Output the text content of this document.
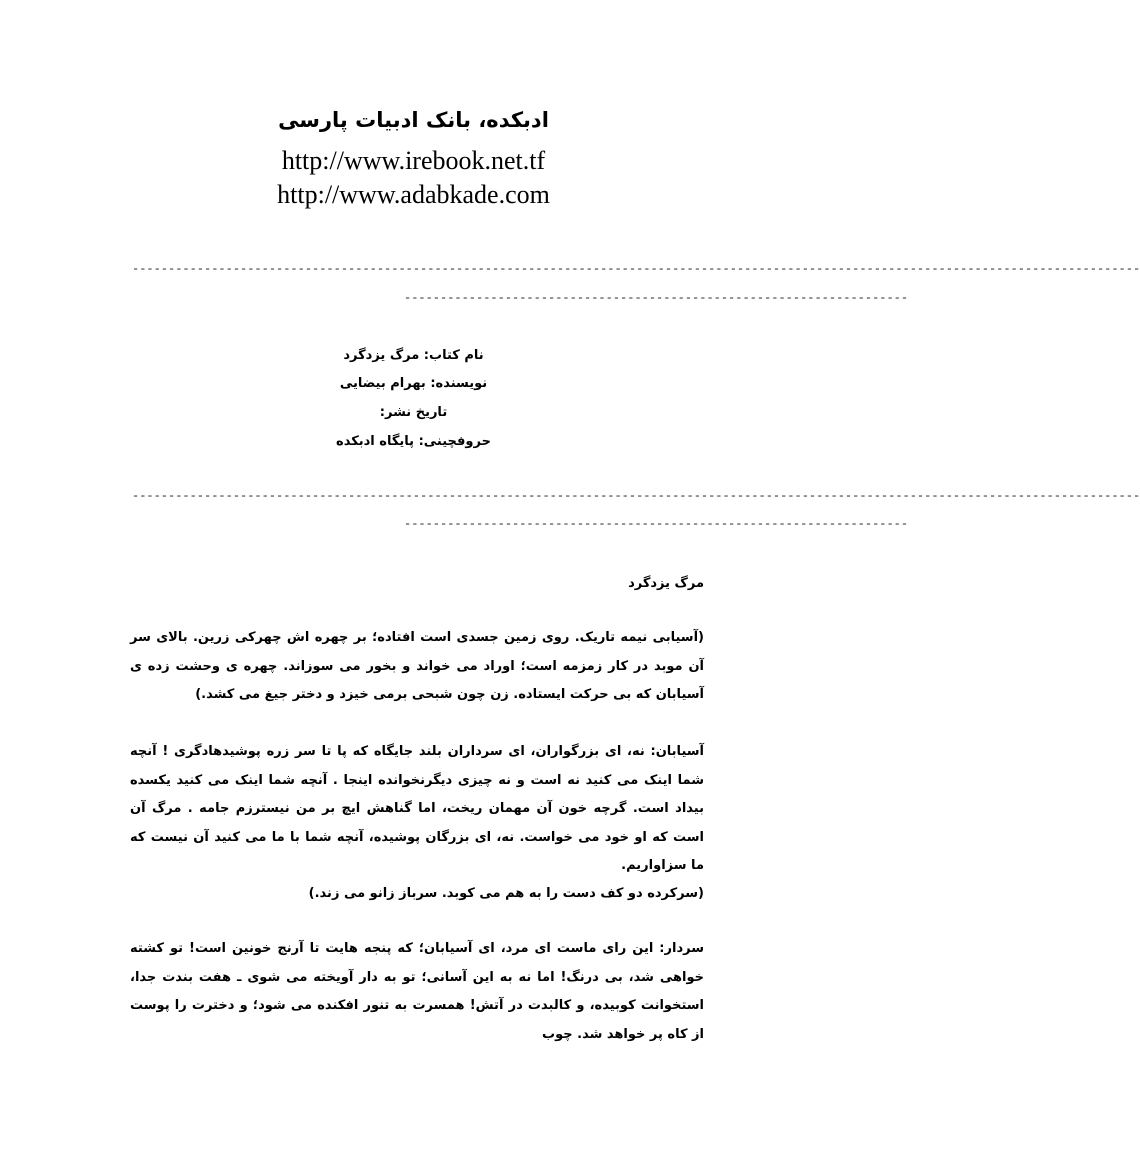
ادبکده، بانک ادبیات پارسی
http://www.irebook.net.tf
http://www.adabkade.com
--------------------------------------------------------------------------------------------------------------------------------------------
----------------------------------------------------------------------
نام کتاب: مرگ یزدگرد
نویسنده: بهرام بیضایی
تاریخ نشر:
حروفچینی: پایگاه ادبکده
--------------------------------------------------------------------------------------------------------------------------------------------
----------------------------------------------------------------------

مرگ یزدگرد

(آسیابی نیمه تاریک. روی زمین جسدی است افتاده؛ بر چهره اش چهرکی زرین. بالای سر آن موبد در کار زمزمه است؛ اوراد می خواند و بخور می سوزاند. چهره ی وحشت زده ی آسیابان که بی حرکت ایستاده. زن چون شبحی برمی خیزد و دختر جیغ می کشد.)

آسیابان: نه، ای بزرگواران، ای سرداران بلند جایگاه که پا تا سر زره پوشیدهادگری ! آنچه شما اینک می کنید نه است و نه چیزی دیگرنخوانده اینجا . آنچه شما اینک می کنید یکسده بیداد است. گرچه خون آن مهمان ریخت، اما گناهش ایچ بر من نیسترزم جامه . مرگ آن است که او خود می خواست. نه، ای بزرگان پوشیده، آنچه شما با ما می کنید آن نیست که ما سزاواریم.

(سرکرده دو کف دست را به هم می کوبد. سرباز زانو می زند.)

سردار: این رای ماست ای مرد، ای آسیابان؛ که پنجه هایت تا آرنج خونین است! تو کشته خواهی شد، بی درنگ! اما نه به این آسانی؛ تو به دار آویخته می شوی ـ هفت بندت جدا، استخوانت کوبیده، و کالبدت در آتش! همسرت به تنور افکنده می شود؛ و دخترت را پوست از کاه پر خواهد شد. چوب
